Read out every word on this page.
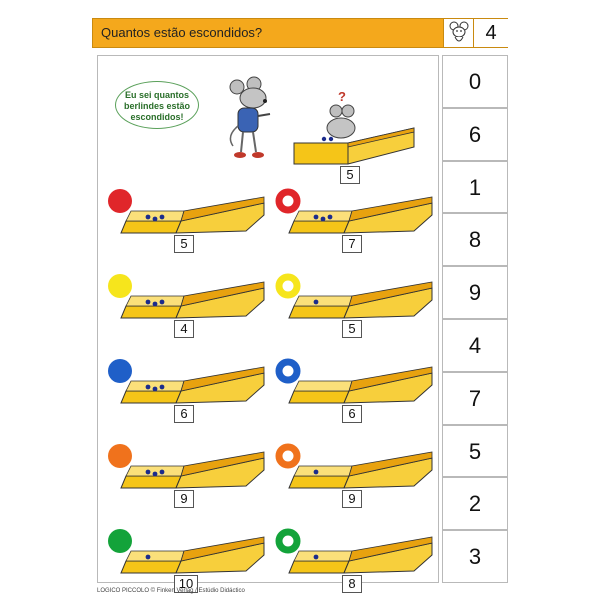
Quantos estão escondidos?	4
?
Eu sei quantos berlindes estão escondidos!
5
5	7
4	5
6	6
9	9
10	8
0
6
1
8
9
4
7
5
2
3
LOGICO PICCOLO © Finken Verlag / Estúdio Didáctico
